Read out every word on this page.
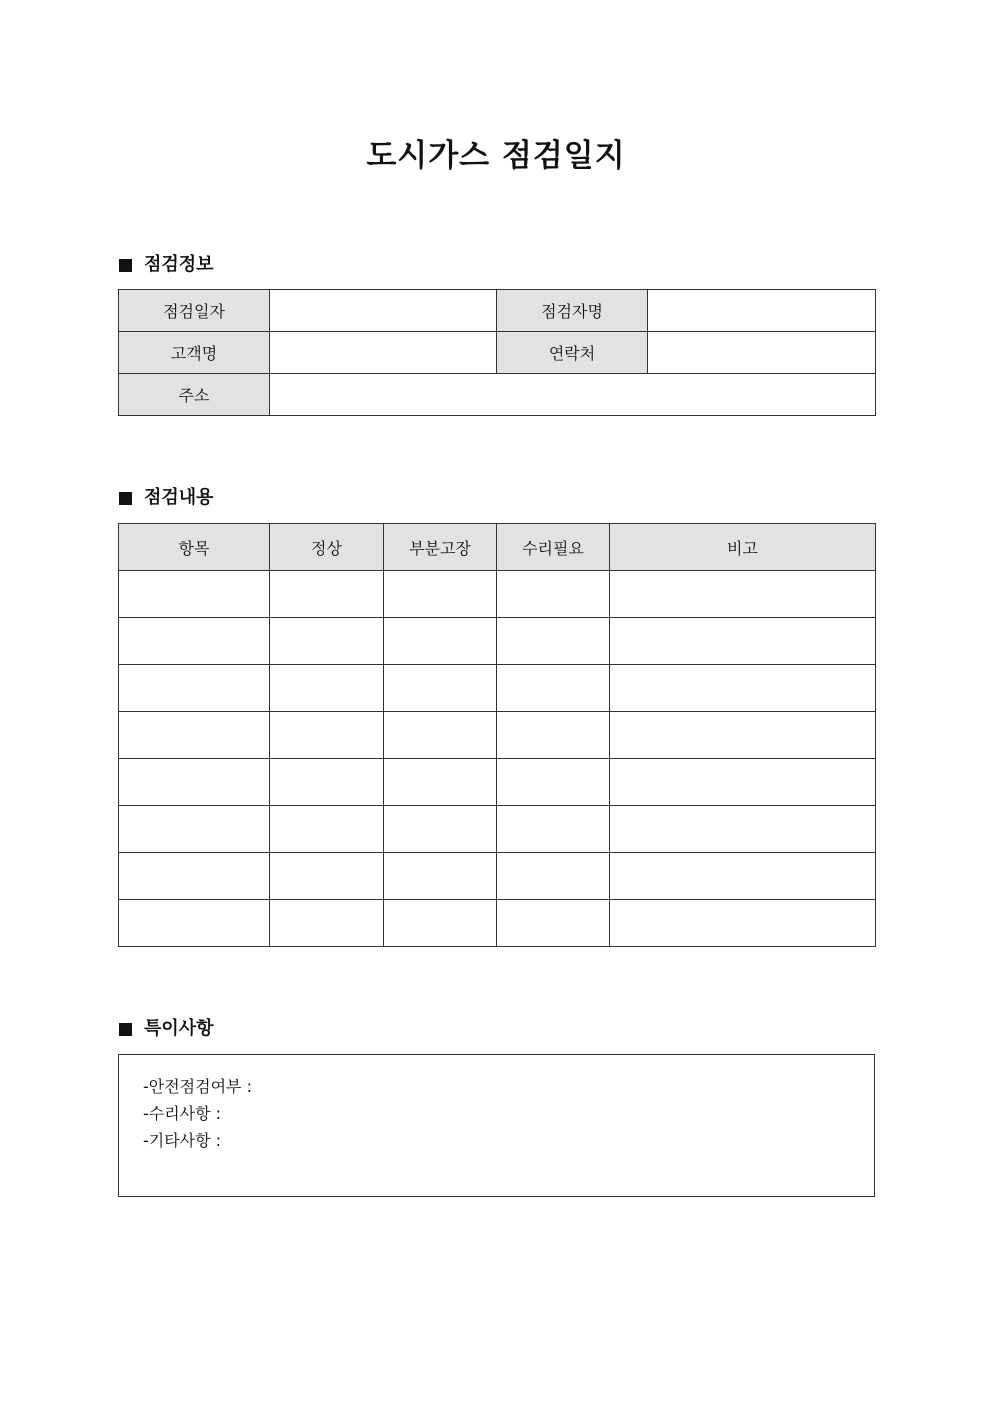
도시가스 점검일지
점검정보
점검일자		점검자명	
고객명		연락처	
주소			
점검내용
항목	정상	부분고장	수리필요	비고

특이사항
-안전점검여부 :
-수리사항 :
-기타사항 :
